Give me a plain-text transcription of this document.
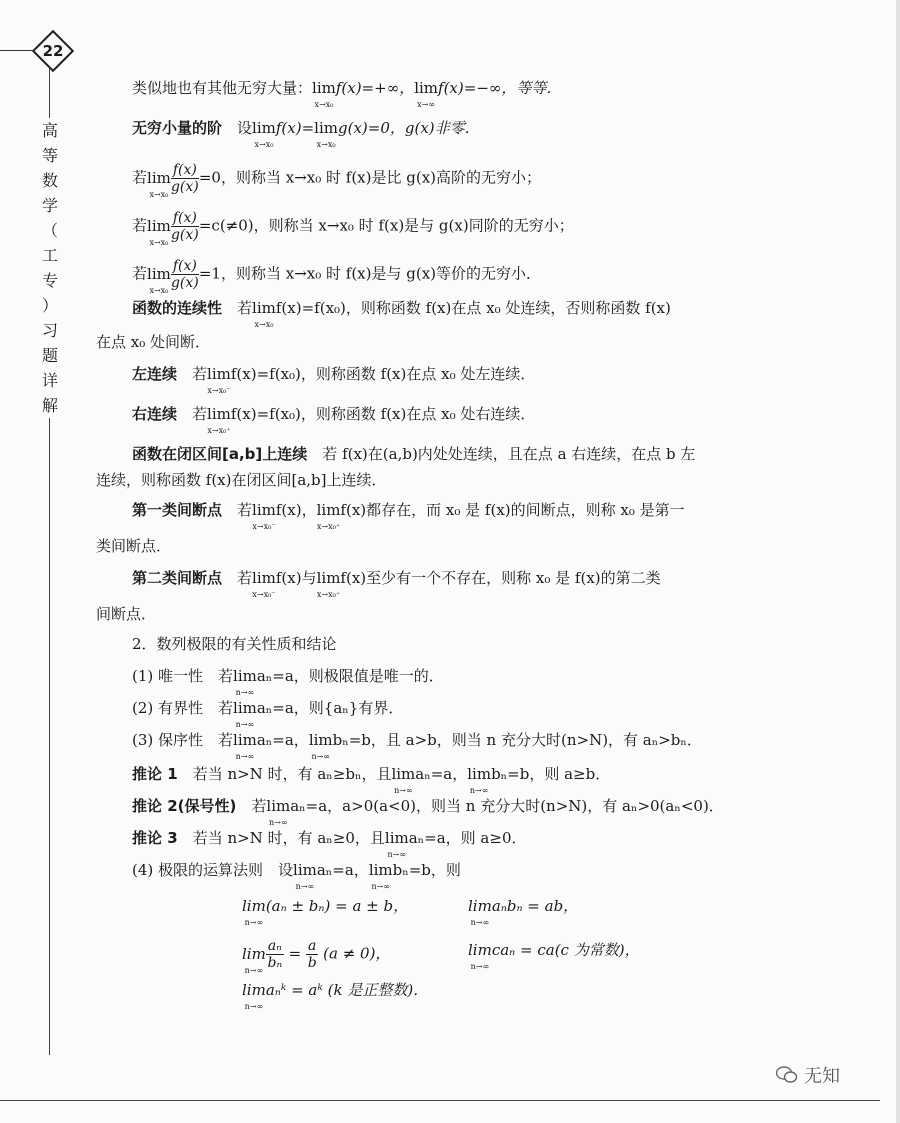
22
高
等
数
学
（
工
专
）
习
题
详
解
类似地也有其他无穷大量：lim
x→x₀
f(x)=+∞，lim
x→∞
f(x)=−∞，等等．
无穷小量的阶　 设lim
x→x₀
f(x)=lim
x→x₀
g(x)=0，g(x)非零．
若lim
$x\to x_0 \frac{f(x)}{g(x)} =0$，则称当 x→x₀ 时 f(x)是比 g(x)高阶的无穷小；
若lim
$x\to x_0 \frac{f(x)}{g(x)} =c(\ne 0)$，则称当 x→x₀ 时 f(x)是与 g(x)同阶的无穷小；
若lim
$x\to x_0 \frac{f(x)}{g(x)} =1$，则称当 x→x₀ 时 f(x)是与 g(x)等价的无穷小．
函数的连续性　 若lim
x→x₀
f(x)=f(x₀)，则称函数 f(x)在点 x₀ 处连续，否则称函数 f(x)
在点 x₀ 处间断．
左连续　 若lim
x→x₀⁻
f(x)=f(x₀)，则称函数 f(x)在点 x₀ 处左连续．
右连续　 若lim
x→x₀⁺
f(x)=f(x₀)，则称函数 f(x)在点 x₀ 处右连续．
函数在闭区间[a,b]上连续　 若 f(x)在(a,b)内处处连续，且在点 a 右连续，在点 b 左
连续，则称函数 f(x)在闭区间[a,b]上连续．
第一类间断点　 若lim
x→x₀⁻
f(x)，lim
x→x₀⁺
f(x)都存在，而 x₀ 是 f(x)的间断点，则称 x₀ 是第一
类间断点．
第二类间断点　 若lim
x→x₀⁻
f(x)与lim
x→x₀⁺
f(x)至少有一个不存在，则称 x₀ 是 f(x)的第二类
间断点．
2．数列极限的有关性质和结论
(1) 唯一性　若lim
n→∞
aₙ=a，则极限值是唯一的．
(2) 有界性　若lim
n→∞
aₙ=a，则{aₙ}有界．
(3) 保序性　若lim
n→∞
aₙ=a，lim
n→∞
bₙ=b，且 a>b，则当 n 充分大时(n>N)，有 aₙ>bₙ．
推论 1　 若当 n>N 时，有 aₙ≥bₙ，且lim
n→∞
aₙ=a，lim
n→∞
bₙ=b，则 a≥b．
推论 2(保号性)　 若lim
n→∞
aₙ=a，a>0(a<0)，则当 n 充分大时(n>N)，有 aₙ>0(aₙ<0)．
推论 3　 若当 n>N 时，有 aₙ≥0，且lim
n→∞
aₙ=a，则 a≥0．
(4) 极限的运算法则　设lim
n→∞
aₙ=a，lim
n→∞
bₙ=b，则
lim
n→∞
(aₙ ± bₙ) = a ± b，	lim
n→∞
aₙbₙ = ab，
lim
$n\to\infty \frac{\text{aₙ}}{\text{bₙ}} = \frac{a}{b} (a \ne 0)$，	lim
n→∞
caₙ = ca(c 为常数)，
lim
n→∞
aₙᵏ = aᵏ (k 是正整数)．
无知
